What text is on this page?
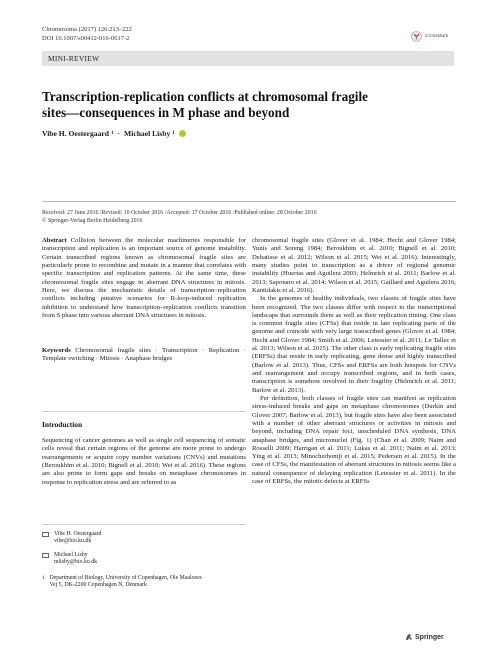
Chromosoma (2017) 126:213–222
DOI 10.1007/s00412-016-0617-2	CrossMark
MINI-REVIEW
Transcription-replication conflicts at chromosomal fragile
sites—consequences in M phase and beyond
Vibe H. Oestergaard 1 · Michael Lisby 1
Received: 27 June 2016 /Revised: 10 October 2016 /Accepted: 17 October 2016 /Published online: 28 October 2016
© Springer-Verlag Berlin Heidelberg 2016

Abstract Collision between the molecular machineries responsible for transcription and replication is an important source of genome instability. Certain transcribed regions known as chromosomal fragile sites are particularly prone to recombine and mutate in a manner that correlates with specific transcription and replication patterns. At the same time, these chromosomal fragile sites engage in aberrant DNA structures in mitosis. Here, we discuss the mechanistic details of transcription–replication conflicts including putative scenarios for R-loop-induced replication inhibition to understand how transcription–replication conflicts transition from S phase into various aberrant DNA structures in mitosis.

Keywords Chromosomal fragile sites · Transcription · Replication · Template switching · Mitosis · Anaphase bridges

Introduction

Sequencing of cancer genomes as well as single cell sequencing of somatic cells reveal that certain regions of the genome are more prone to undergo rearrangements or acquire copy number variations (CNVs) and mutations (Beroukhim et al. 2010; Bignell et al. 2010; Wei et al. 2016). These regions are also prone to form gaps and breaks on metaphase chromosomes in response to replication stress and are referred to as

Vibe H. Oestergaard
vibe@bio.ku.dk
Michael Lisby
mlisby@bio.ku.dk
1 Department of Biology, University of Copenhagen, Ole Maaloees
Vej 5, DK-2200 Copenhagen N, Denmark

chromosomal fragile sites (Glover et al. 1984; Hecht and Glover 1984; Yunis and Soreng 1984; Beroukhim et al. 2010; Bignell et al. 2010; Debatisse et al. 2012; Wilson et al. 2015; Wei et al. 2016). Interestingly, many studies point to transcription as a driver of regional genomic instability (Huertas and Aguilera 2003; Helmrich et al. 2011; Barlow et al. 2013; Saponaro et al. 2014; Wilson et al. 2015; Gaillard and Aguilera 2016; Kantidakis et al. 2016).

In the genomes of healthy individuals, two classes of fragile sites have been recognized. The two classes differ with respect to the transcriptional landscape that surrounds them as well as their replication timing. One class is common fragile sites (CFSs) that reside in late replicating parts of the genome and coincide with very large transcribed genes (Glover et al. 1984; Hecht and Glover 1984; Smith et al. 2006; Letessier et al. 2011; Le Tallec et al. 2013; Wilson et al. 2015). The other class is early replicating fragile sites (ERFSs) that reside in early replicating, gene dense and highly transcribed (Barlow et al. 2013). Thus, CFSs and ERFSs are both hotspots for CNVs and rearrangement and occupy transcribed regions, and in both cases, transcription is somehow involved in their fragility (Helmrich et al. 2011; Barlow et al. 2013).

Per definition, both classes of fragile sites can manifest as replication stress-induced breaks and gaps on metaphase chromosomes (Durkin and Glover 2007; Barlow et al. 2013), but fragile sites have also been associated with a number of other aberrant structures or activities in mitosis and beyond, including DNA repair foci, unscheduled DNA synthesis, DNA anaphase bridges, and micronuclei (Fig. 1) (Chan et al. 2009; Naim and Rosselli 2009; Harrigan et al. 2011; Lukas et al. 2011; Naim et al. 2013; Ying et al. 2013; Minocherhomji et al. 2015; Pedersen et al. 2015). In the case of CFSs, the manifestation of aberrant structures in mitosis seems like a natural consequence of delaying replication (Letessier et al. 2011). In the case of ERFSs, the mitotic defects at ERFSs

Springer
